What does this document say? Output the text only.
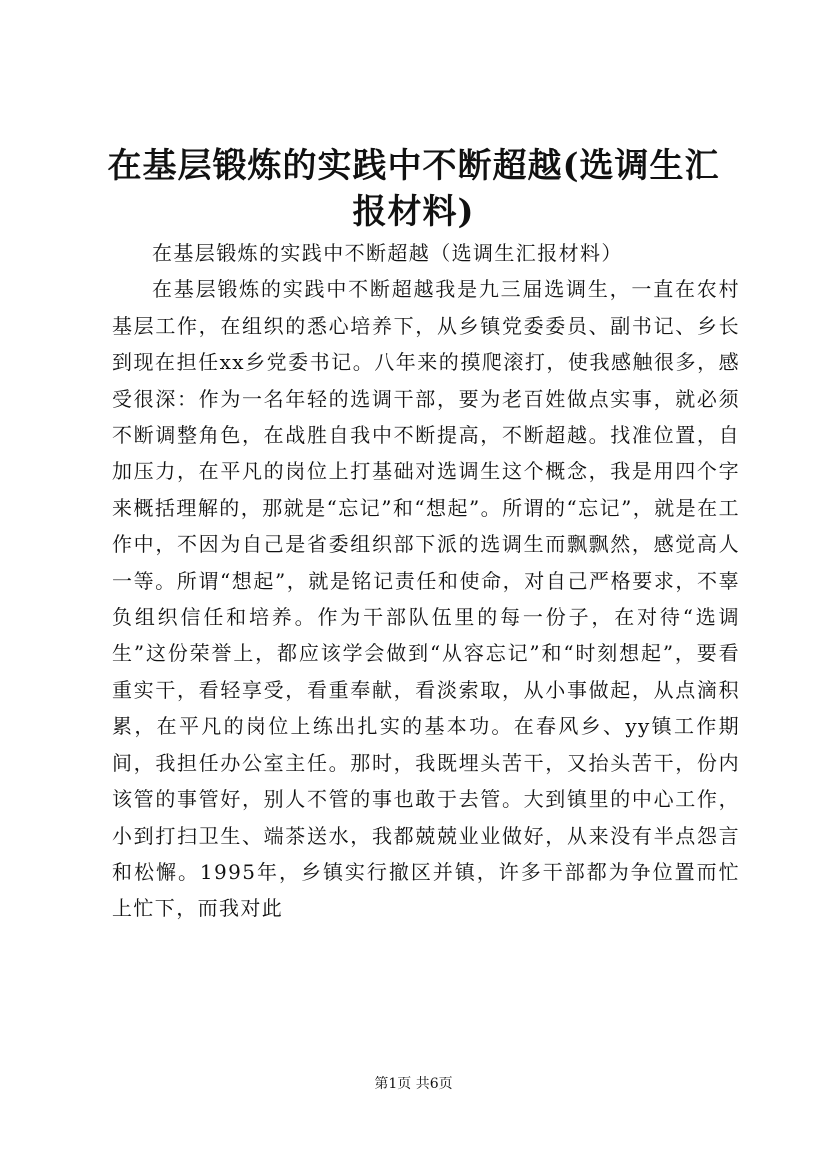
在基层锻炼的实践中不断超越(选调生汇报材料)

在基层锻炼的实践中不断超越（选调生汇报材料）

在基层锻炼的实践中不断超越我是九三届选调生，一直在农村基层工作，在组织的悉心培养下，从乡镇党委委员、副书记、乡长到现在担任xx乡党委书记。八年来的摸爬滚打，使我感触很多，感受很深：作为一名年轻的选调干部，要为老百姓做点实事，就必须不断调整角色，在战胜自我中不断提高，不断超越。找准位置，自加压力，在平凡的岗位上打基础对选调生这个概念，我是用四个字来概括理解的，那就是“忘记”和“想起”。所谓的“忘记”，就是在工作中，不因为自己是省委组织部下派的选调生而飘飘然，感觉高人一等。所谓“想起”，就是铭记责任和使命，对自己严格要求，不辜负组织信任和培养。作为干部队伍里的每一份子，在对待“选调生”这份荣誉上，都应该学会做到“从容忘记”和“时刻想起”，要看重实干，看轻享受，看重奉献，看淡索取，从小事做起，从点滴积累，在平凡的岗位上练出扎实的基本功。在春风乡、yy镇工作期间，我担任办公室主任。那时，我既埋头苦干，又抬头苦干，份内该管的事管好，别人不管的事也敢于去管。大到镇里的中心工作，小到打扫卫生、端茶送水，我都兢兢业业做好，从来没有半点怨言和松懈。1995年，乡镇实行撤区并镇，许多干部都为争位置而忙上忙下，而我对此

第1页 共6页
